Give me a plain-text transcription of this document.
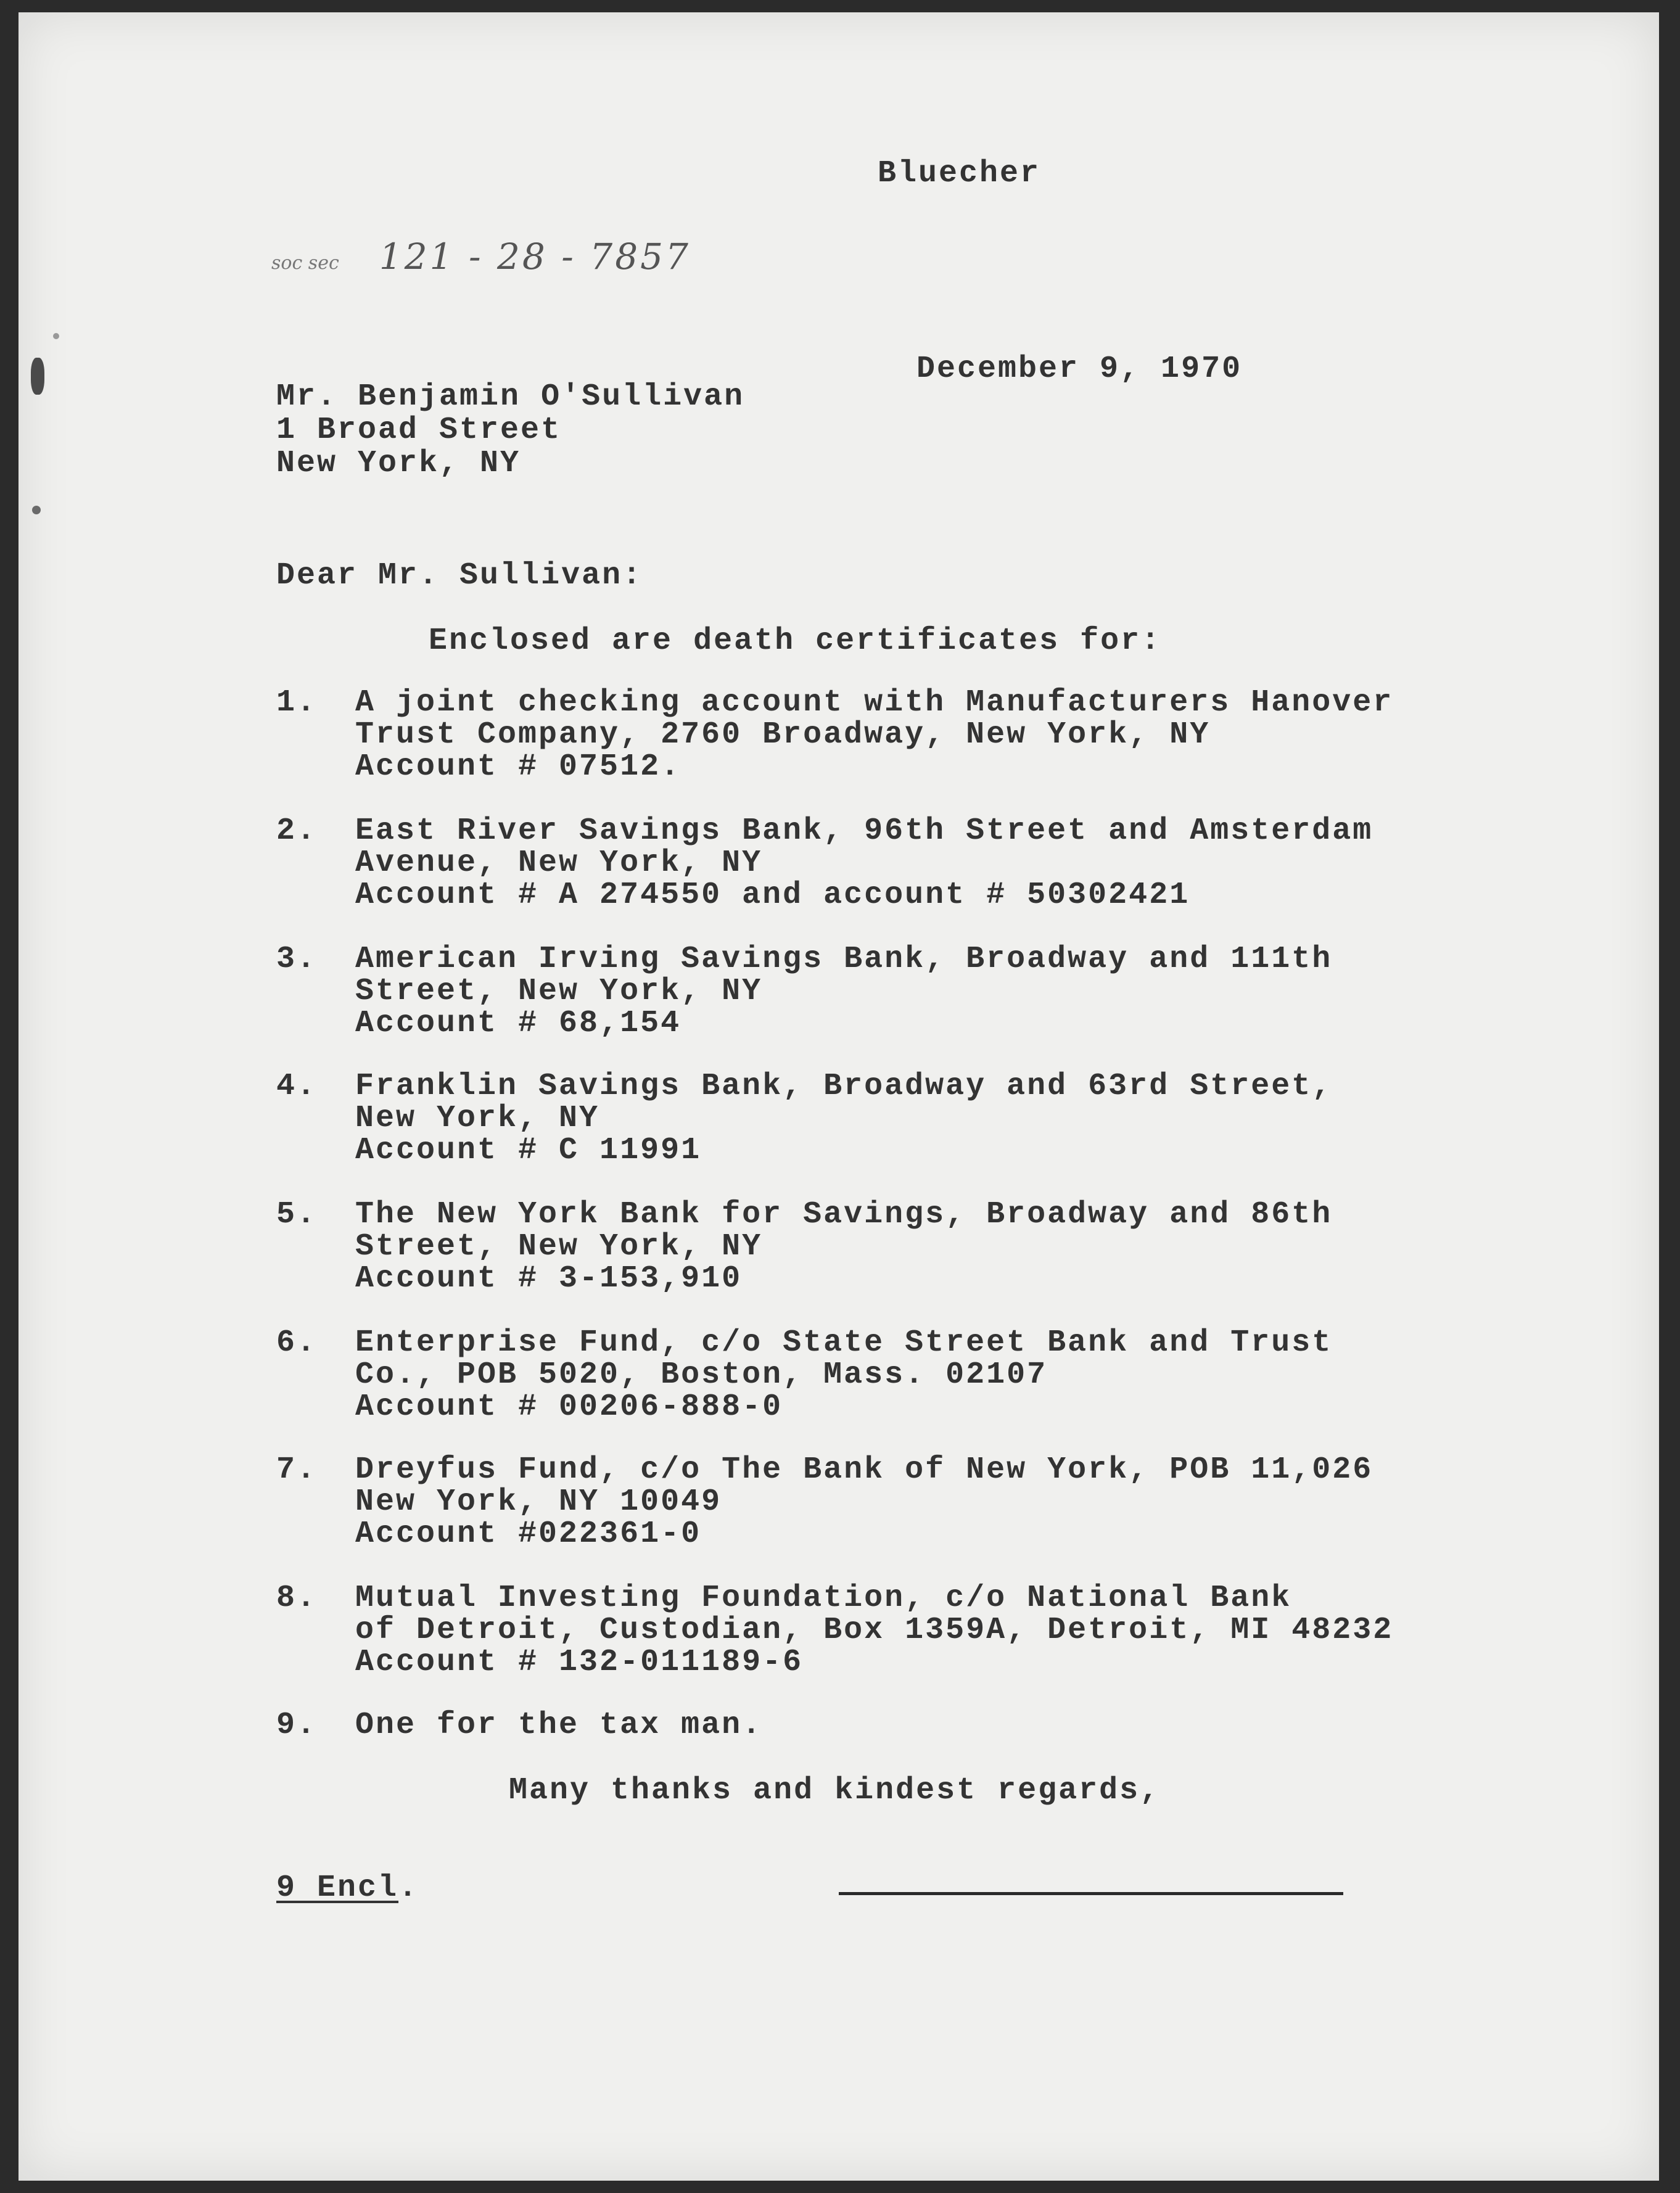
Bluecher

soc sec 121 - 28 - 7857

December 9, 1970

Mr. Benjamin O'Sullivan

1 Broad Street

New York, NY

Dear Mr. Sullivan:

Enclosed are death certificates for:

1. A joint checking account with Manufacturers Hanover
Trust Company, 2760 Broadway, New York, NY
Account # 07512.

2. East River Savings Bank, 96th Street and Amsterdam
Avenue, New York, NY
Account # A 274550 and account # 50302421

3. American Irving Savings Bank, Broadway and 111th
Street, New York, NY
Account # 68,154

4. Franklin Savings Bank, Broadway and 63rd Street,
New York, NY
Account # C 11991

5. The New York Bank for Savings, Broadway and 86th
Street, New York, NY
Account # 3-153,910

6. Enterprise Fund, c/o State Street Bank and Trust
Co., POB 5020, Boston, Mass. 02107
Account # 00206-888-0

7. Dreyfus Fund, c/o The Bank of New York, POB 11,026
New York, NY 10049
Account #022361-0

8. Mutual Investing Foundation, c/o National Bank
of Detroit, Custodian, Box 1359A, Detroit, MI 48232
Account # 132-011189-6

9. One for the tax man.

Many thanks and kindest regards,

9 Encl.
